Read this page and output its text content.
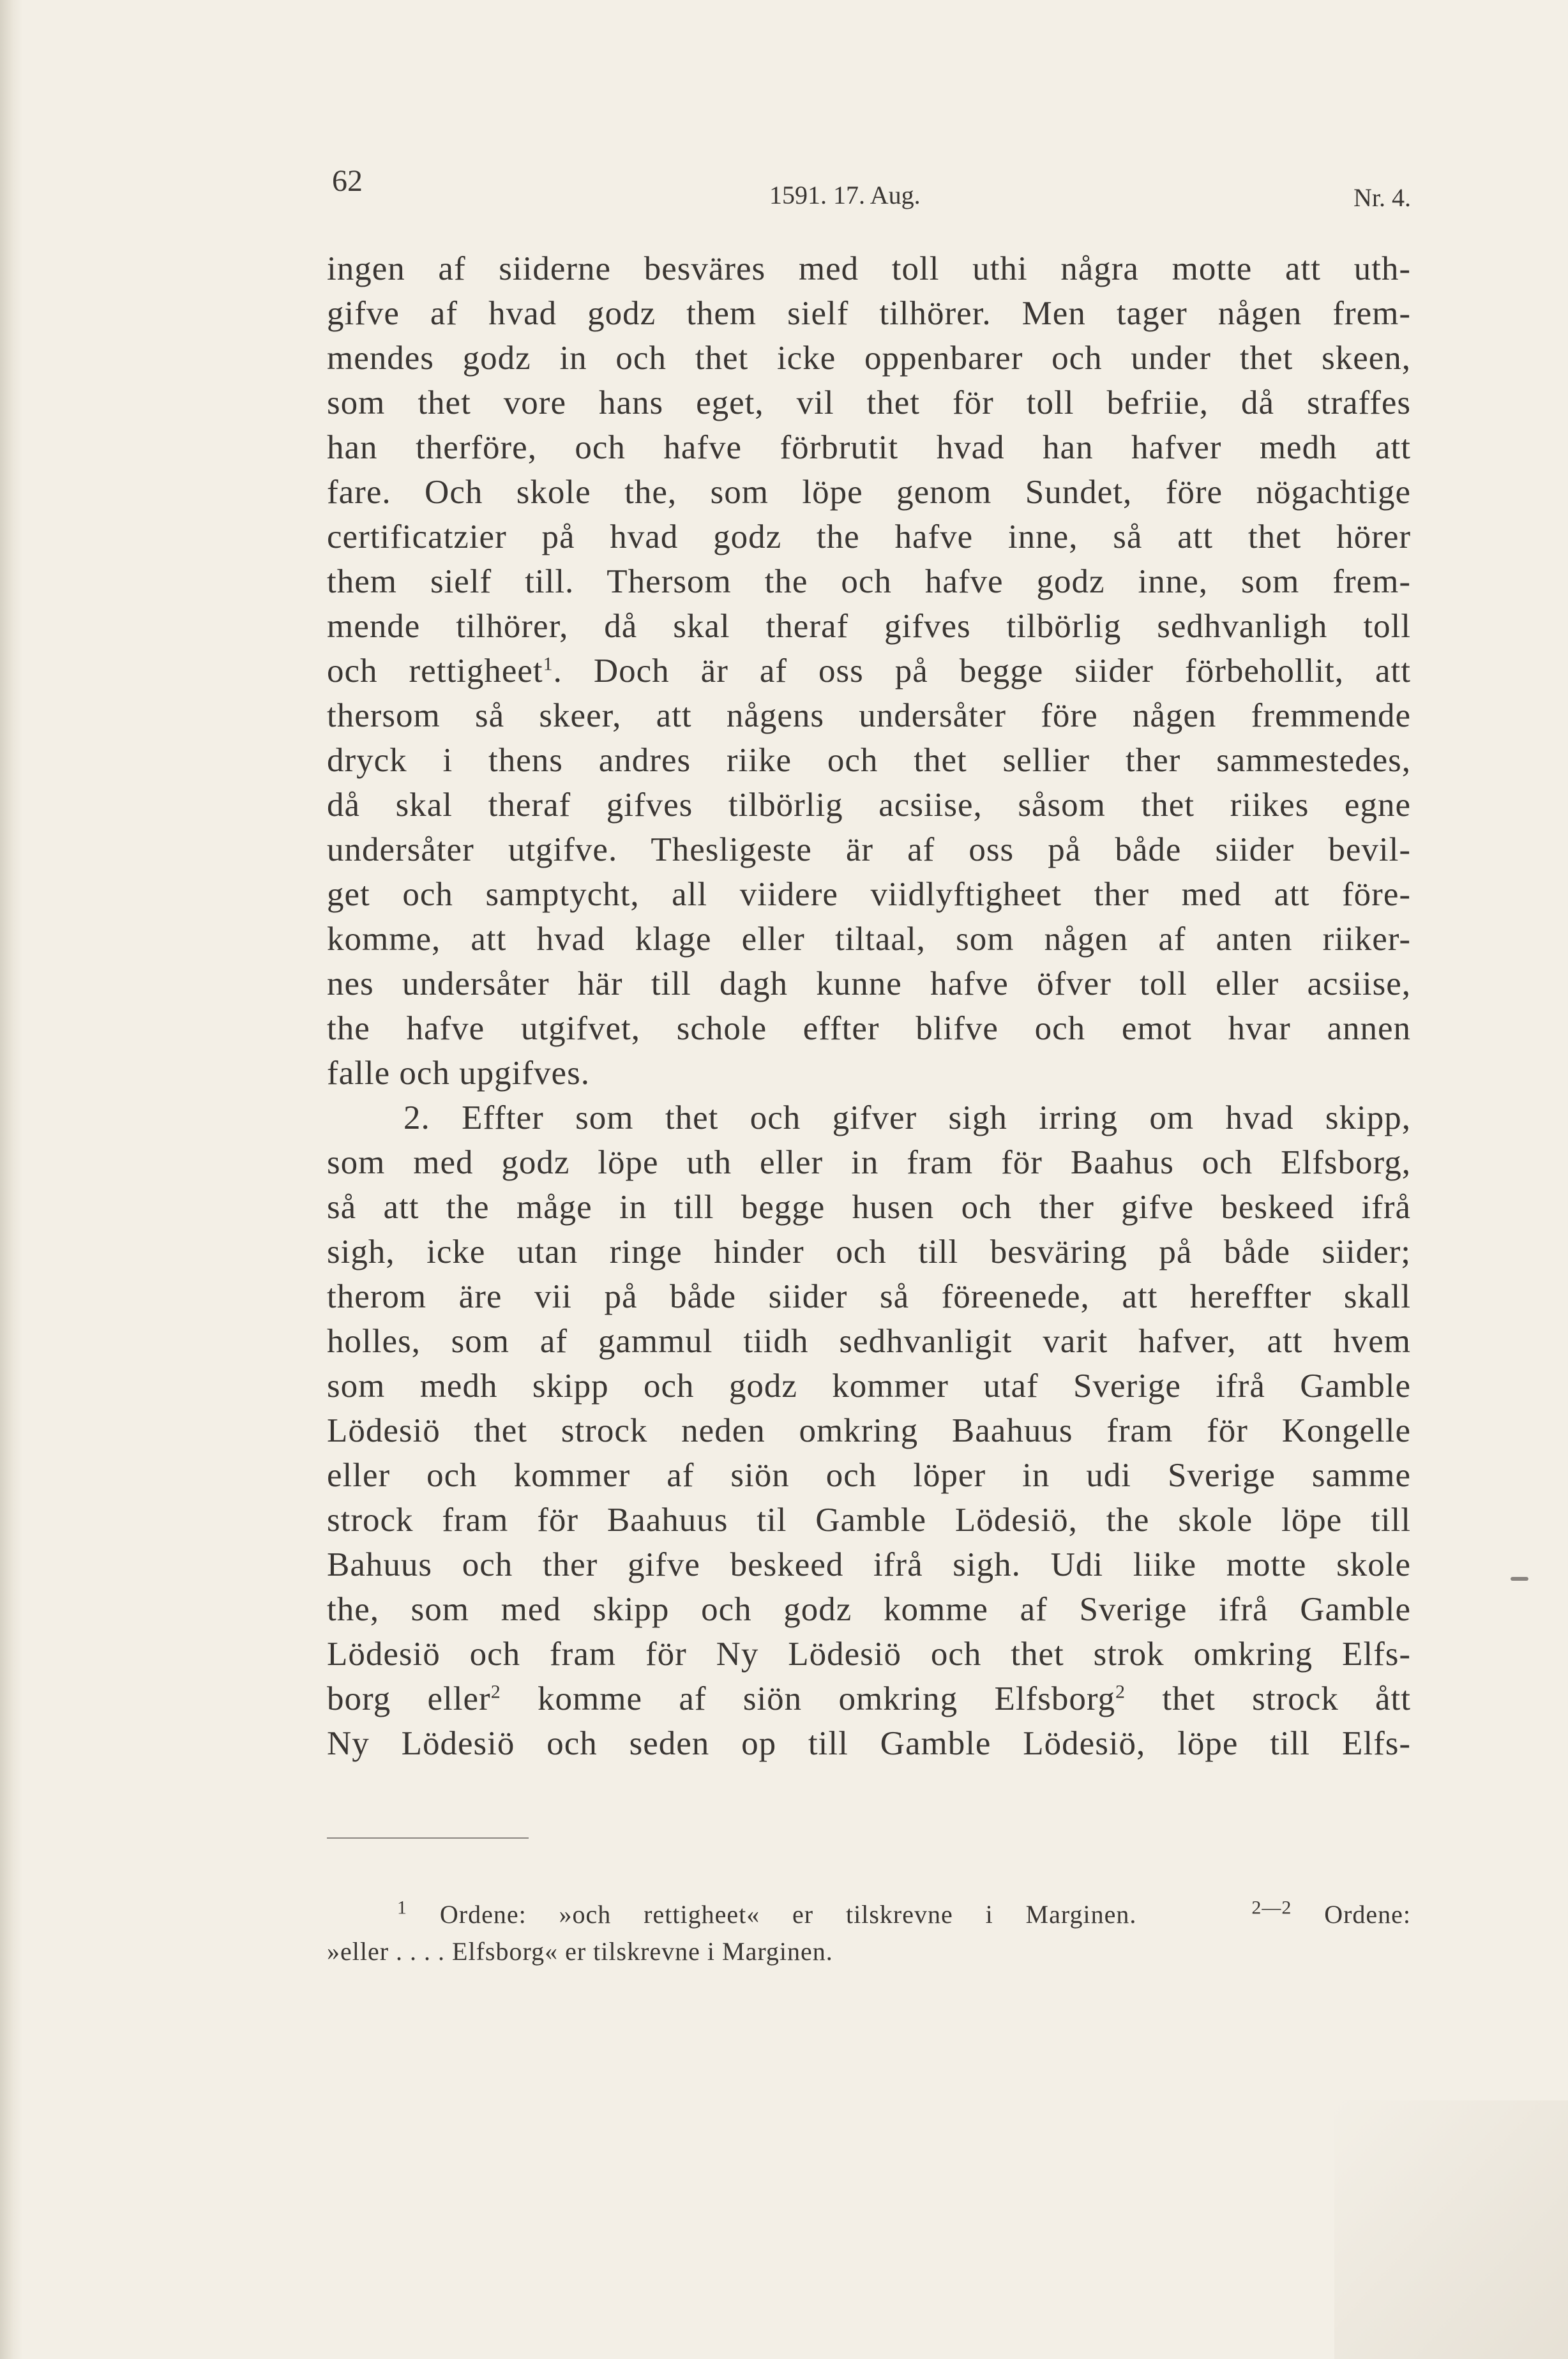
62	1591. 17. Aug.	Nr. 4.
ingen af siiderne besväres med toll uthi några motte att uth-
gifve af hvad godz them sielf tilhörer. Men tager någen frem-
mendes godz in och thet icke oppenbarer och under thet skeen,
som thet vore hans eget, vil thet för toll befriie, då straffes
han therföre, och hafve förbrutit hvad han hafver medh att
fare. Och skole the, som löpe genom Sundet, före nögachtige
certificatzier på hvad godz the hafve inne, så att thet hörer
them sielf till. Thersom the och hafve godz inne, som frem-
mende tilhörer, då skal theraf gifves tilbörlig sedhvanligh toll
och rettigheet$^1$. Doch är af oss på begge siider förbehollit, att
thersom så skeer, att någens undersåter före någen fremmende
dryck i thens andres riike och thet sellier ther sammestedes,
då skal theraf gifves tilbörlig acsiise, såsom thet riikes egne
undersåter utgifve. Thesligeste är af oss på både siider bevil-
get och samptycht, all viidere viidlyftigheet ther med att före-
komme, att hvad klage eller tiltaal, som någen af anten riiker-
nes undersåter här till dagh kunne hafve öfver toll eller acsiise,
the hafve utgifvet, schole effter blifve och emot hvar annen
falle och upgifves.
2. Effter som thet och gifver sigh irring om hvad skipp,
som med godz löpe uth eller in fram för Baahus och Elfsborg,
så att the måge in till begge husen och ther gifve beskeed ifrå
sigh, icke utan ringe hinder och till besväring på både siider;
therom äre vii på både siider så föreenede, att hereffter skall
holles, som af gammul tiidh sedhvanligit varit hafver, att hvem
som medh skipp och godz kommer utaf Sverige ifrå Gamble
Lödesiö thet strock neden omkring Baahuus fram för Kongelle
eller och kommer af siön och löper in udi Sverige samme
strock fram för Baahuus til Gamble Lödesiö, the skole löpe till
Bahuus och ther gifve beskeed ifrå sigh. Udi liike motte skole
the, som med skipp och godz komme af Sverige ifrå Gamble
Lödesiö och fram för Ny Lödesiö och thet strok omkring Elfs-
borg eller$^2$ komme af siön omkring Elfsborg$^2$ thet strock ått
Ny Lödesiö och seden op till Gamble Lödesiö, löpe till Elfs-
$^1$ Ordene: »och rettigheet« er tilskrevne i Marginen.	$^{2—2}$ Ordene:
»eller . . . . Elfsborg« er tilskrevne i Marginen.
